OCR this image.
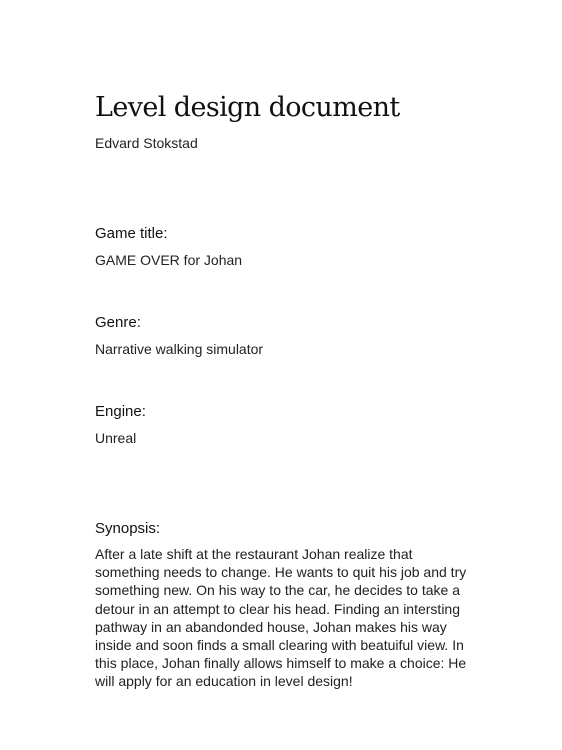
Level design document

Edvard Stokstad

Game title:

GAME OVER for Johan

Genre:

Narrative walking simulator

Engine:

Unreal

Synopsis:

After a late shift at the restaurant Johan realize that something needs to change. He wants to quit his job and try something new. On his way to the car, he decides to take a detour in an attempt to clear his head. Finding an intersting pathway in an abandonded house, Johan makes his way inside and soon finds a small clearing with beatuiful view. In this place, Johan finally allows himself to make a choice: He will apply for an education in level design!
